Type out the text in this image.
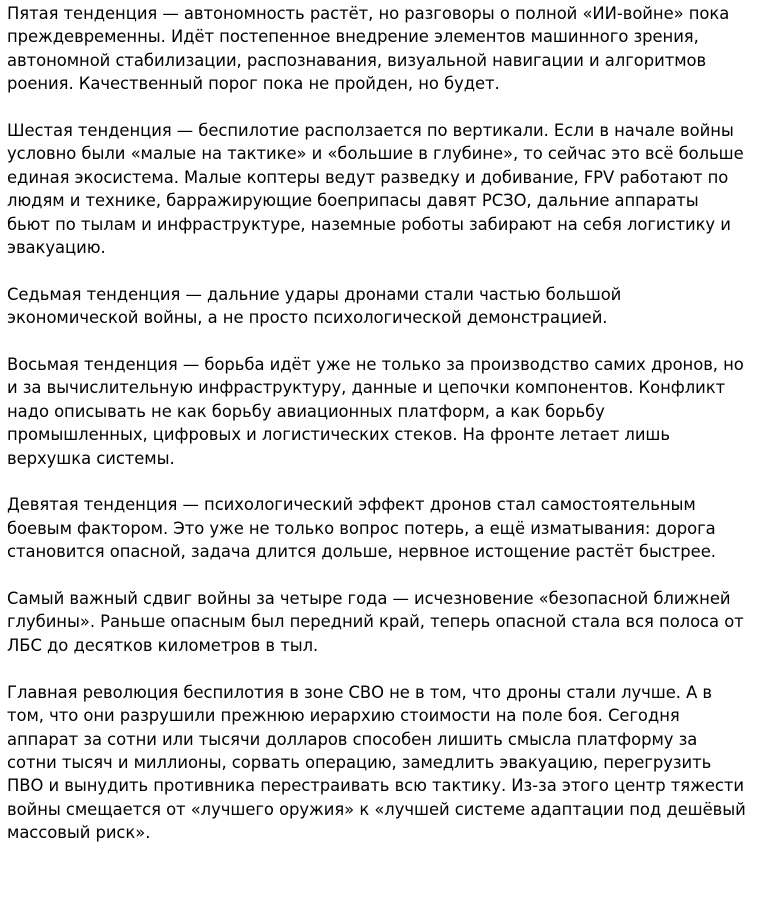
Пятая тенденция — автономность растёт, но разговоры о полной «ИИ-войне» пока
преждевременны. Идёт постепенное внедрение элементов машинного зрения,
автономной стабилизации, распознавания, визуальной навигации и алгоритмов
роения. Качественный порог пока не пройден, но будет.

Шестая тенденция — беспилотие расползается по вертикали. Если в начале войны
условно были «малые на тактике» и «большие в глубине», то сейчас это всё больше
единая экосистема. Малые коптеры ведут разведку и добивание, FPV работают по
людям и технике, барражирующие боеприпасы давят РСЗО, дальние аппараты
бьют по тылам и инфраструктуре, наземные роботы забирают на себя логистику и
эвакуацию.

Седьмая тенденция — дальние удары дронами стали частью большой
экономической войны, а не просто психологической демонстрацией.

Восьмая тенденция — борьба идёт уже не только за производство самих дронов, но
и за вычислительную инфраструктуру, данные и цепочки компонентов. Конфликт
надо описывать не как борьбу авиационных платформ, а как борьбу
промышленных, цифровых и логистических стеков. На фронте летает лишь
верхушка системы.

Девятая тенденция — психологический эффект дронов стал самостоятельным
боевым фактором. Это уже не только вопрос потерь, а ещё изматывания: дорога
становится опасной, задача длится дольше, нервное истощение растёт быстрее.

Самый важный сдвиг войны за четыре года — исчезновение «безопасной ближней
глубины». Раньше опасным был передний край, теперь опасной стала вся полоса от
ЛБС до десятков километров в тыл.

Главная революция беспилотия в зоне СВО не в том, что дроны стали лучше. А в
том, что они разрушили прежнюю иерархию стоимости на поле боя. Сегодня
аппарат за сотни или тысячи долларов способен лишить смысла платформу за
сотни тысяч и миллионы, сорвать операцию, замедлить эвакуацию, перегрузить
ПВО и вынудить противника перестраивать всю тактику. Из-за этого центр тяжести
войны смещается от «лучшего оружия» к «лучшей системе адаптации под дешёвый
массовый риск».
